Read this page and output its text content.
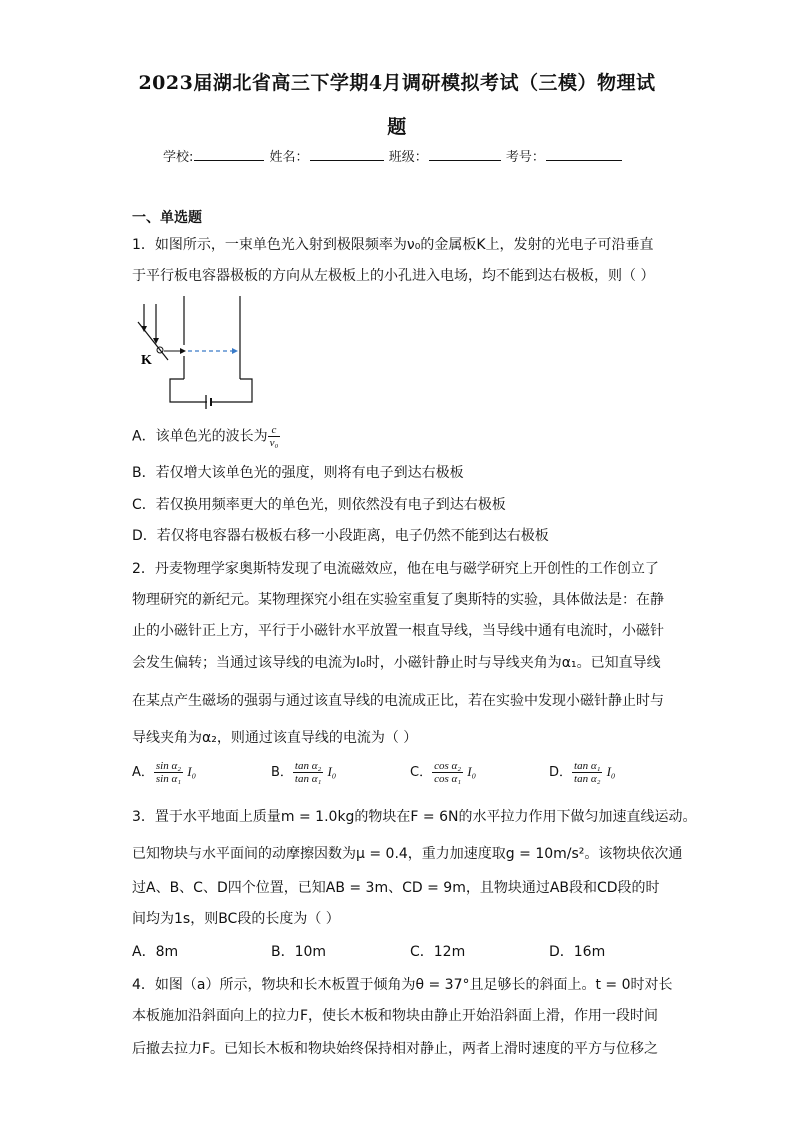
2023届湖北省高三下学期4月调研模拟考试（三模）物理试
题
学校:	姓名：	班级：	考号：
一、单选题
1．如图所示，一束单色光入射到极限频率为ν₀的金属板K上，发射的光电子可沿垂直
于平行板电容器极板的方向从左极板上的小孔进入电场，均不能到达右极板，则（ ）
K
A．该单色光的波长为 $\frac{c}{\text{ν₀}}$
B．若仅增大该单色光的强度，则将有电子到达右极板
C．若仅换用频率更大的单色光，则依然没有电子到达右极板
D．若仅将电容器右极板右移一小段距离，电子仍然不能到达右极板
2．丹麦物理学家奥斯特发现了电流磁效应，他在电与磁学研究上开创性的工作创立了
物理研究的新纪元。某物理探究小组在实验室重复了奥斯特的实验，具体做法是：在静
止的小磁针正上方，平行于小磁针水平放置一根直导线，当导线中通有电流时，小磁针
会发生偏转；当通过该导线的电流为I₀时，小磁针静止时与导线夹角为α₁。已知直导线
在某点产生磁场的强弱与通过该直导线的电流成正比，若在实验中发现小磁针静止时与
导线夹角为α₂，则通过该直导线的电流为（ ）
A． $\frac{\text{sin α₂}}{\text{sin α₁}} I_0$	B． $\frac{\text{tan α₂}}{\text{tan α₁}} I_0$	C． $\frac{\text{cos α₂}}{\text{cos α₁}} I_0$	D． $\frac{\text{tan α₁}}{\text{tan α₂}} I_0$
3．置于水平地面上质量m = 1.0kg的物块在F = 6N的水平拉力作用下做匀加速直线运动。
已知物块与水平面间的动摩擦因数为μ = 0.4，重力加速度取g = 10m/s²。该物块依次通
过A、B、C、D四个位置，已知AB = 3m、CD = 9m，且物块通过AB段和CD段的时
间均为1s，则BC段的长度为（ ）
A．8m	B．10m	C．12m	D．16m
4．如图（a）所示，物块和长木板置于倾角为θ = 37°且足够长的斜面上。t = 0时对长
本板施加沿斜面向上的拉力F，使长木板和物块由静止开始沿斜面上滑，作用一段时间
后撤去拉力F。已知长木板和物块始终保持相对静止，两者上滑时速度的平方与位移之
